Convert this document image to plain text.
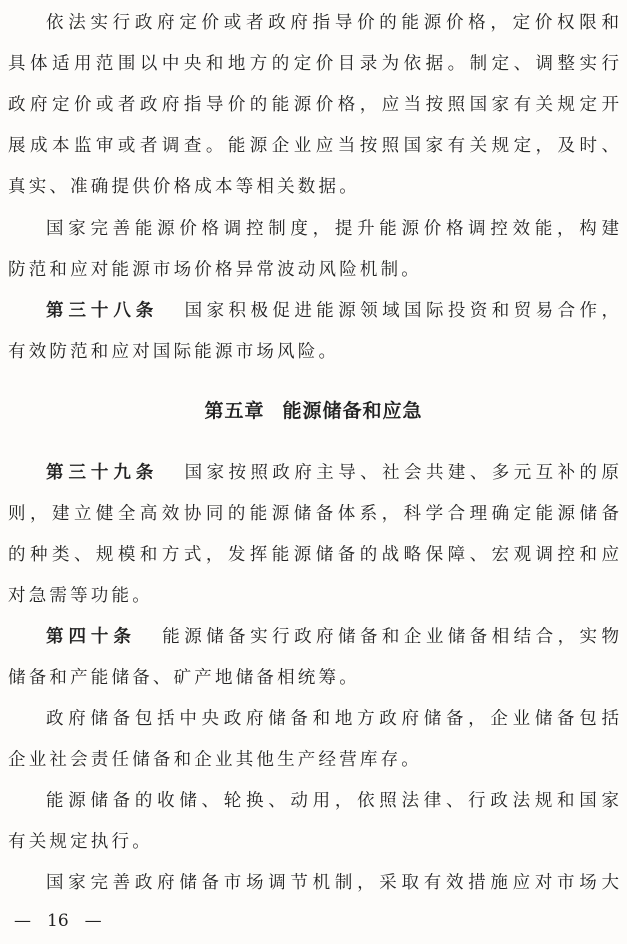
依法实行政府定价或者政府指导价的能源价格，定价权限和
具体适用范围以中央和地方的定价目录为依据。制定、调整实行
政府定价或者政府指导价的能源价格，应当按照国家有关规定开
展成本监审或者调查。能源企业应当按照国家有关规定，及时、
真实、准确提供价格成本等相关数据。
国家完善能源价格调控制度，提升能源价格调控效能，构建
防范和应对能源市场价格异常波动风险机制。
第三十八条 国家积极促进能源领域国际投资和贸易合作，
有效防范和应对国际能源市场风险。
第五章 能源储备和应急
第三十九条 国家按照政府主导、社会共建、多元互补的原
则，建立健全高效协同的能源储备体系，科学合理确定能源储备
的种类、规模和方式，发挥能源储备的战略保障、宏观调控和应
对急需等功能。
第四十条 能源储备实行政府储备和企业储备相结合，实物
储备和产能储备、矿产地储备相统筹。
政府储备包括中央政府储备和地方政府储备，企业储备包括
企业社会责任储备和企业其他生产经营库存。
能源储备的收储、轮换、动用，依照法律、行政法规和国家
有关规定执行。
国家完善政府储备市场调节机制，采取有效措施应对市场大
— 16 —
